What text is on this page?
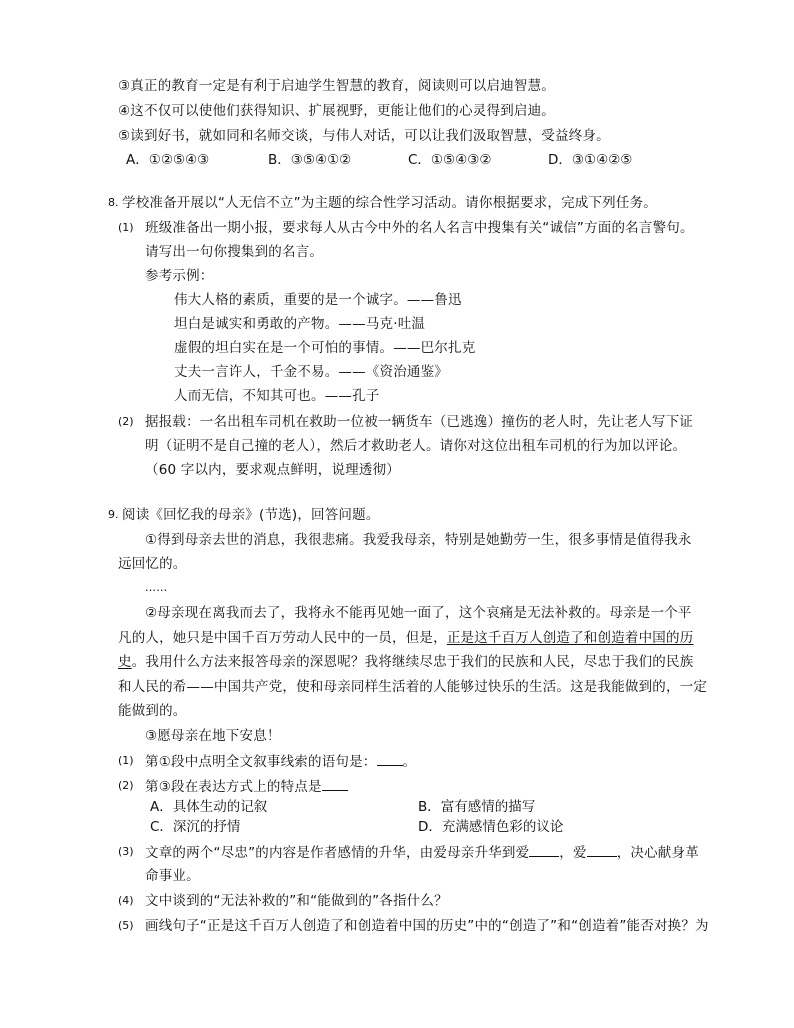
③真正的教育一定是有利于启迪学生智慧的教育，阅读则可以启迪智慧。
④这不仅可以使他们获得知识、扩展视野，更能让他们的心灵得到启迪。
⑤读到好书，就如同和名师交谈，与伟人对话，可以让我们汲取智慧，受益终身。
A．①②⑤④③	B．③⑤④①②	C．①⑤④③②	D．③①④②⑤
8. 学校准备开展以“人无信不立”为主题的综合性学习活动。请你根据要求，完成下列任务。
(1) 班级准备出一期小报，要求每人从古今中外的名人名言中搜集有关“诚信”方面的名言警句。
请写出一句你搜集到的名言。
参考示例：
伟大人格的素质，重要的是一个诚字。——鲁迅
坦白是诚实和勇敢的产物。——马克·吐温
虚假的坦白实在是一个可怕的事情。——巴尔扎克
丈夫一言许人，千金不易。——《资治通鉴》
人而无信，不知其可也。——孔子
(2) 据报载：一名出租车司机在救助一位被一辆货车（已逃逸）撞伤的老人时，先让老人写下证
明（证明不是自己撞的老人），然后才救助老人。请你对这位出租车司机的行为加以评论。
（60 字以内，要求观点鲜明，说理透彻）
9. 阅读《回忆我的母亲》(节选)，回答问题。
①得到母亲去世的消息，我很悲痛。我爱我母亲，特别是她勤劳一生，很多事情是值得我永
远回忆的。
……
②母亲现在离我而去了，我将永不能再见她一面了，这个哀痛是无法补救的。母亲是一个平
凡的人，她只是中国千百万劳动人民中的一员，但是，正是这千百万人创造了和创造着中国的历
史。我用什么方法来报答母亲的深恩呢？我将继续尽忠于我们的民族和人民，尽忠于我们的民族
和人民的希——中国共产党，使和母亲同样生活着的人能够过快乐的生活。这是我能做到的，一定
能做到的。
③愿母亲在地下安息！
(1) 第①段中点明全文叙事线索的语句是： 。
(2) 第③段在表达方式上的特点是
A．具体生动的记叙	B．富有感情的描写
C．深沉的抒情	D．充满感情色彩的议论
(3) 文章的两个“尽忠”的内容是作者感情的升华，由爱母亲升华到爱 ，爱 ，决心献身革
命事业。
(4) 文中谈到的“无法补救的”和“能做到的”各指什么？
(5) 画线句子“正是这千百万人创造了和创造着中国的历史”中的“创造了”和“创造着”能否对换？为
